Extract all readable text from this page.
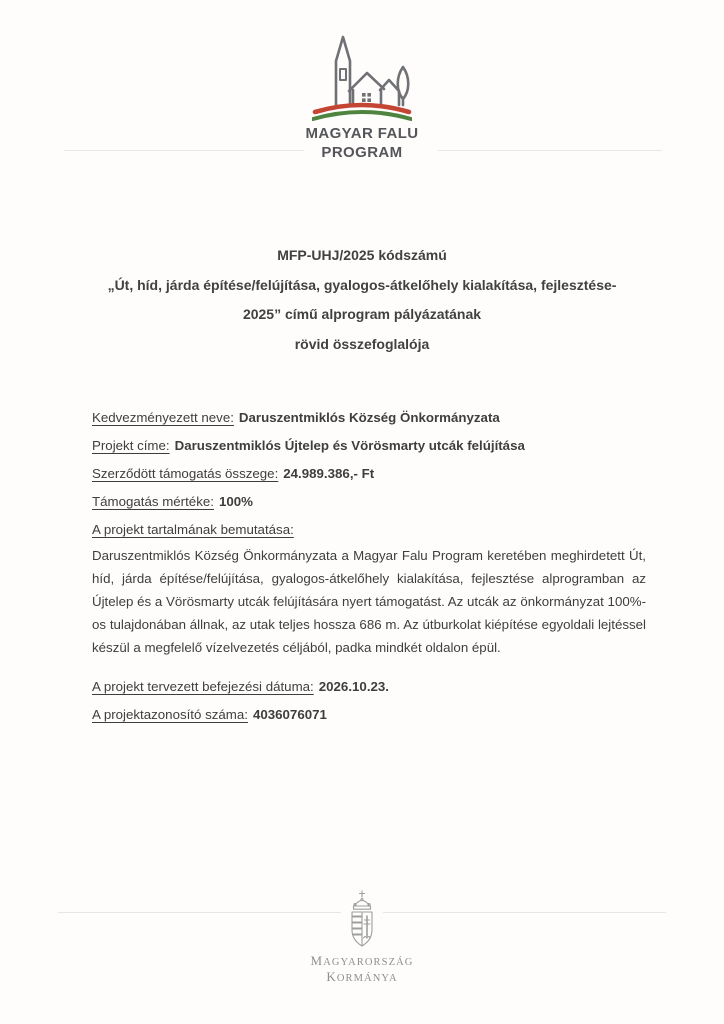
MAGYAR FALU
PROGRAM
MFP-UHJ/2025 kódszámú
„Út, híd, járda építése/felújítása, gyalogos-átkelőhely kialakítása, fejlesztése-
2025” című alprogram pályázatának
rövid összefoglalója
Kedvezményezett neve: Daruszentmiklós Község Önkormányzata
Projekt címe: Daruszentmiklós Újtelep és Vörösmarty utcák felújítása
Szerződött támogatás összege: 24.989.386,- Ft
Támogatás mértéke: 100%
A projekt tartalmának bemutatása:

Daruszentmiklós Község Önkormányzata a Magyar Falu Program keretében meghirdetett Út, híd, járda építése/felújítása, gyalogos-átkelőhely kialakítása, fejlesztése alprogramban az Újtelep és a Vörösmarty utcák felújítására nyert támogatást. Az utcák az önkormányzat 100%-os tulajdonában állnak, az utak teljes hossza 686 m. Az útburkolat kiépítése egyoldali lejtéssel készül a megfelelő vízelvezetés céljából, padka mindkét oldalon épül.

A projekt tervezett befejezési dátuma: 2026.10.23.
A projektazonosító száma: 4036076071
MAGYARORSZÁG
KORMÁNYA
